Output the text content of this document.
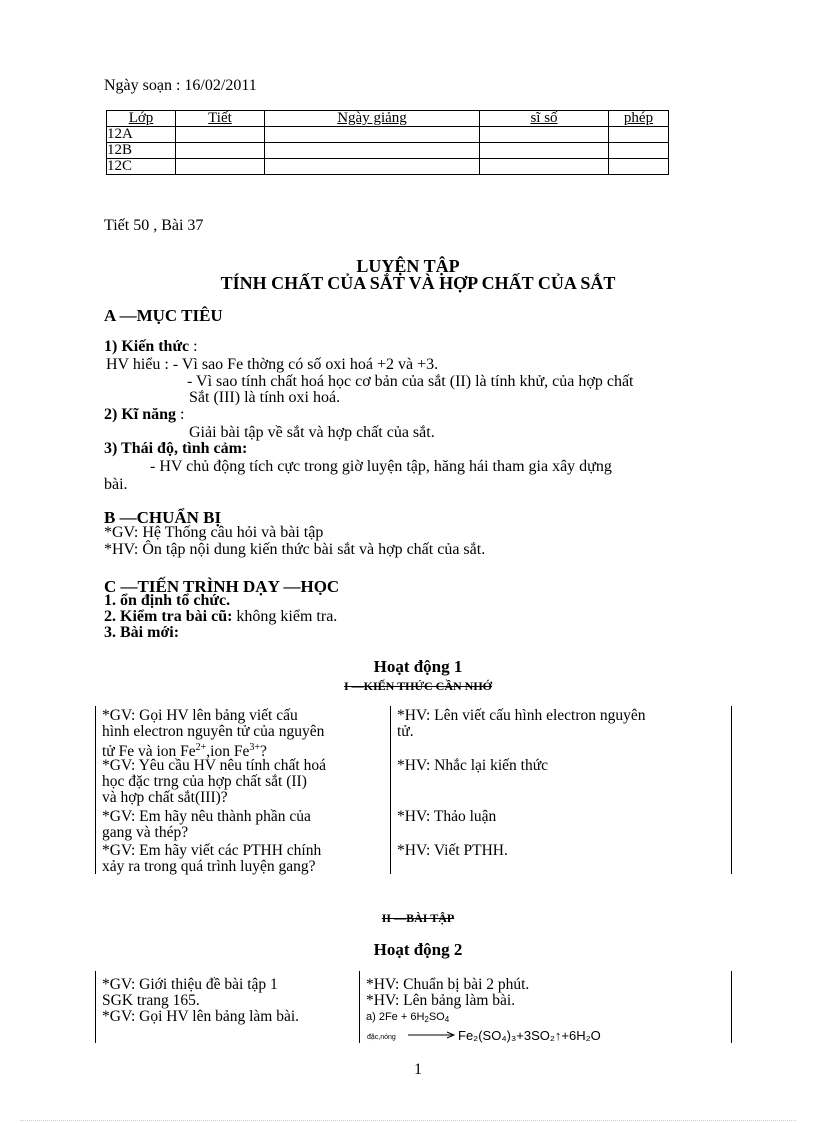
Ngày soạn : 16/02/2011
Lớp	Tiết	Ngày giảng	sĩ số	phép
12A				
12B				
12C				
Tiết 50 , Bài 37
LUYỆN TẬP
TÍNH CHẤT CỦA SẮT VÀ HỢP CHẤT CỦA SẮT
A —MỤC TIÊU
1) Kiến thức :
HV hiểu : - Vì sao Fe thờng có số oxi hoá +2 và +3.
- Vì sao tính chất hoá học cơ bản của sắt (II) là tính khử, của hợp chất
Sắt (III) là tính oxi hoá.
2) Kĩ năng :
Giải bài tập về sắt và hợp chất của sắt.
3) Thái độ, tình cảm:
- HV chủ động tích cực trong giờ luyện tập, hăng hái tham gia xây dựng
bài.
B —CHUẨN BỊ
*GV: Hệ Thống câu hỏi và bài tập
*HV: Ôn tập nội dung kiến thức bài sắt và hợp chất của sắt.
C —TIẾN TRÌNH DẠY —HỌC
1. ổn định tổ chức.
2. Kiểm tra bài cũ: không kiểm tra.
3. Bài mới:
Hoạt động 1
I —KIẾN THỨC CẦN NHỚ
*GV: Gọi HV lên bảng viết cấu
hình electron nguyên tử của nguyên
tử Fe và ion $Fe^{2+},ion$ $Fe^{3+}$?
*HV: Lên viết cấu hình electron nguyên
tử.
*GV: Yêu cầu HV nêu tính chất hoá
học đặc trng của hợp chất sắt (II)
và hợp chất sắt(III)?
*HV: Nhắc lại kiến thức
*GV: Em hãy nêu thành phần của
gang và thép?
*HV: Thảo luận
*GV: Em hãy viết các PTHH chính
xảy ra trong quá trình luyện gang?
*HV: Viết PTHH.
II —BÀI TẬP
Hoạt động 2
*GV: Giới thiệu đề bài tập 1
SGK trang 165.
*GV: Gọi HV lên bảng làm bài.
*HV: Chuẩn bị bài 2 phút.
*HV: Lên bảng làm bài.
a) $2Fe + 6H_2SO_4$
đặc,nóng → Fe₂(SO₄)₃+3SO₂↑+6H₂O
1
